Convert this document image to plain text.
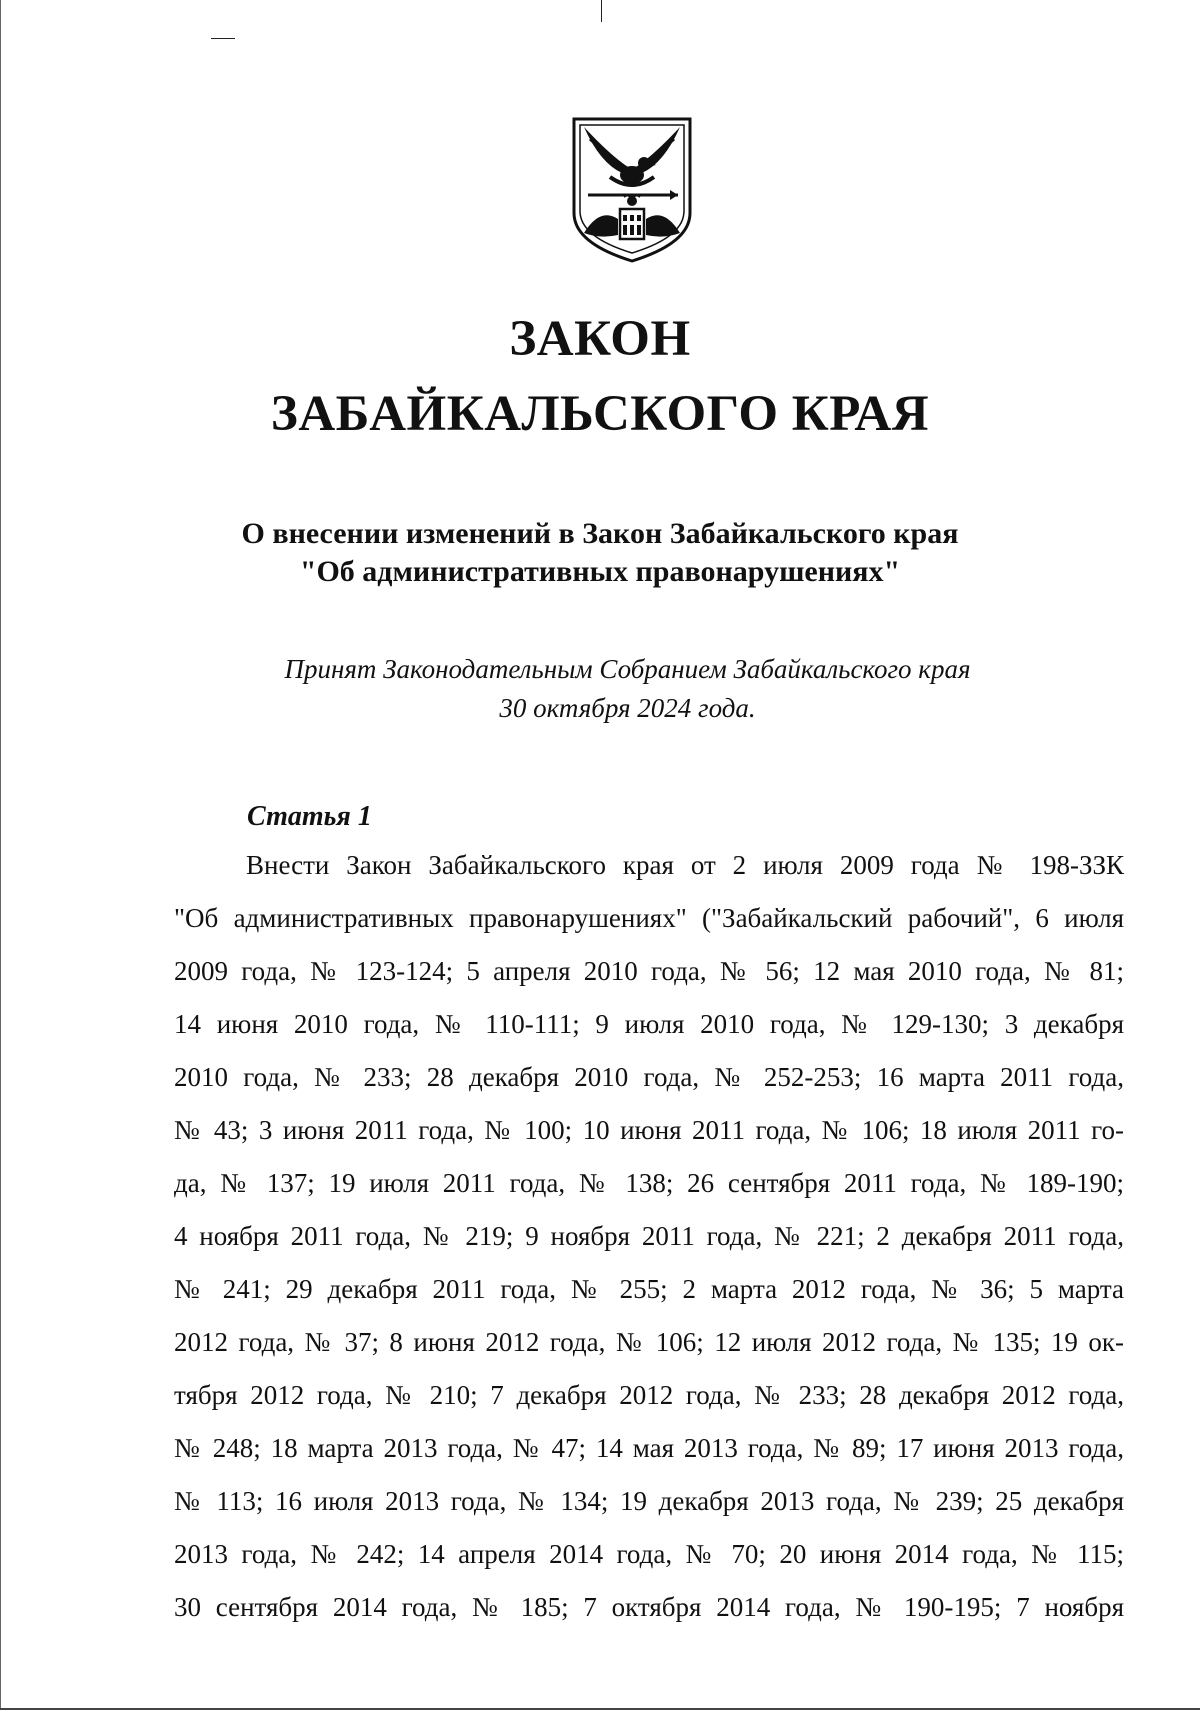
ЗАКОН
ЗАБАЙКАЛЬСКОГО КРАЯ
О внесении изменений в Закон Забайкальского края
"Об административных правонарушениях"
Принят Законодательным Собранием Забайкальского края
30 октября 2024 года.
Статья 1
Внести Закон Забайкальского края от 2 июля 2009 года № 198-ЗЗК
"Об административных правонарушениях" ("Забайкальский рабочий", 6 июля
2009 года, № 123-124; 5 апреля 2010 года, № 56; 12 мая 2010 года, № 81;
14 июня 2010 года, № 110-111; 9 июля 2010 года, № 129-130; 3 декабря
2010 года, № 233; 28 декабря 2010 года, № 252-253; 16 марта 2011 года,
№ 43; 3 июня 2011 года, № 100; 10 июня 2011 года, № 106; 18 июля 2011 го-
да, № 137; 19 июля 2011 года, № 138; 26 сентября 2011 года, № 189-190;
4 ноября 2011 года, № 219; 9 ноября 2011 года, № 221; 2 декабря 2011 года,
№ 241; 29 декабря 2011 года, № 255; 2 марта 2012 года, № 36; 5 марта
2012 года, № 37; 8 июня 2012 года, № 106; 12 июля 2012 года, № 135; 19 ок-
тября 2012 года, № 210; 7 декабря 2012 года, № 233; 28 декабря 2012 года,
№ 248; 18 марта 2013 года, № 47; 14 мая 2013 года, № 89; 17 июня 2013 года,
№ 113; 16 июля 2013 года, № 134; 19 декабря 2013 года, № 239; 25 декабря
2013 года, № 242; 14 апреля 2014 года, № 70; 20 июня 2014 года, № 115;
30 сентября 2014 года, № 185; 7 октября 2014 года, № 190-195; 7 ноября
